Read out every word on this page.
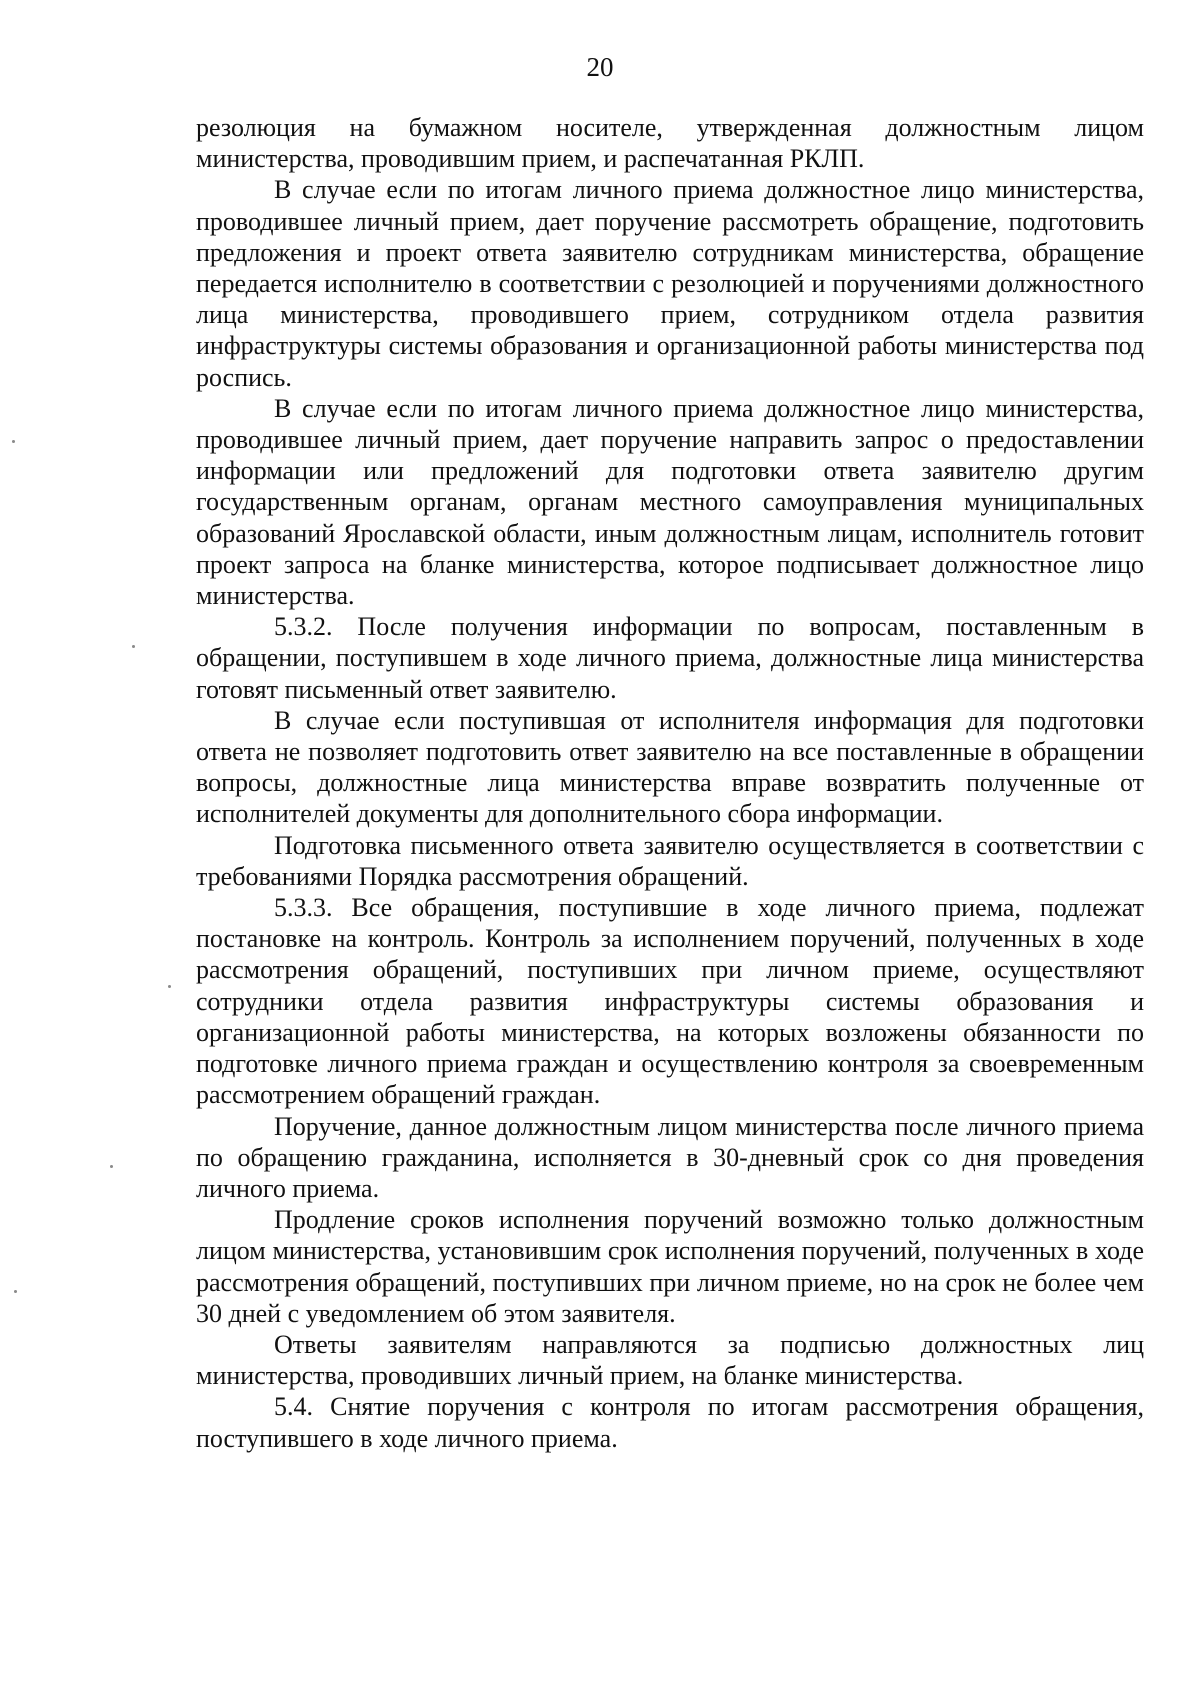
20

резолюция на бумажном носителе, утвержденная должностным лицом министерства, проводившим прием, и распечатанная РКЛП.

В случае если по итогам личного приема должностное лицо министерства, проводившее личный прием, дает поручение рассмотреть обращение, подготовить предложения и проект ответа заявителю сотрудникам министерства, обращение передается исполнителю в соответствии с резолюцией и поручениями должностного лица министерства, проводившего прием, сотрудником отдела развития инфраструктуры системы образования и организационной работы министерства под роспись.

В случае если по итогам личного приема должностное лицо министерства, проводившее личный прием, дает поручение направить запрос о предоставлении информации или предложений для подготовки ответа заявителю другим государственным органам, органам местного самоуправления муниципальных образований Ярославской области, иным должностным лицам, исполнитель готовит проект запроса на бланке министерства, которое подписывает должностное лицо министерства.

5.3.2. После получения информации по вопросам, поставленным в обращении, поступившем в ходе личного приема, должностные лица министерства готовят письменный ответ заявителю.

В случае если поступившая от исполнителя информация для подготовки ответа не позволяет подготовить ответ заявителю на все поставленные в обращении вопросы, должностные лица министерства вправе возвратить полученные от исполнителей документы для дополнительного сбора информации.

Подготовка письменного ответа заявителю осуществляется в соответствии с требованиями Порядка рассмотрения обращений.

5.3.3. Все обращения, поступившие в ходе личного приема, подлежат постановке на контроль. Контроль за исполнением поручений, полученных в ходе рассмотрения обращений, поступивших при личном приеме, осуществляют сотрудники отдела развития инфраструктуры системы образования и организационной работы министерства, на которых возложены обязанности по подготовке личного приема граждан и осуществлению контроля за своевременным рассмотрением обращений граждан.

Поручение, данное должностным лицом министерства после личного приема по обращению гражданина, исполняется в 30-дневный срок со дня проведения личного приема.

Продление сроков исполнения поручений возможно только должностным лицом министерства, установившим срок исполнения поручений, полученных в ходе рассмотрения обращений, поступивших при личном приеме, но на срок не более чем 30 дней с уведомлением об этом заявителя.

Ответы заявителям направляются за подписью должностных лиц министерства, проводивших личный прием, на бланке министерства.

5.4. Снятие поручения с контроля по итогам рассмотрения обращения, поступившего в ходе личного приема.
